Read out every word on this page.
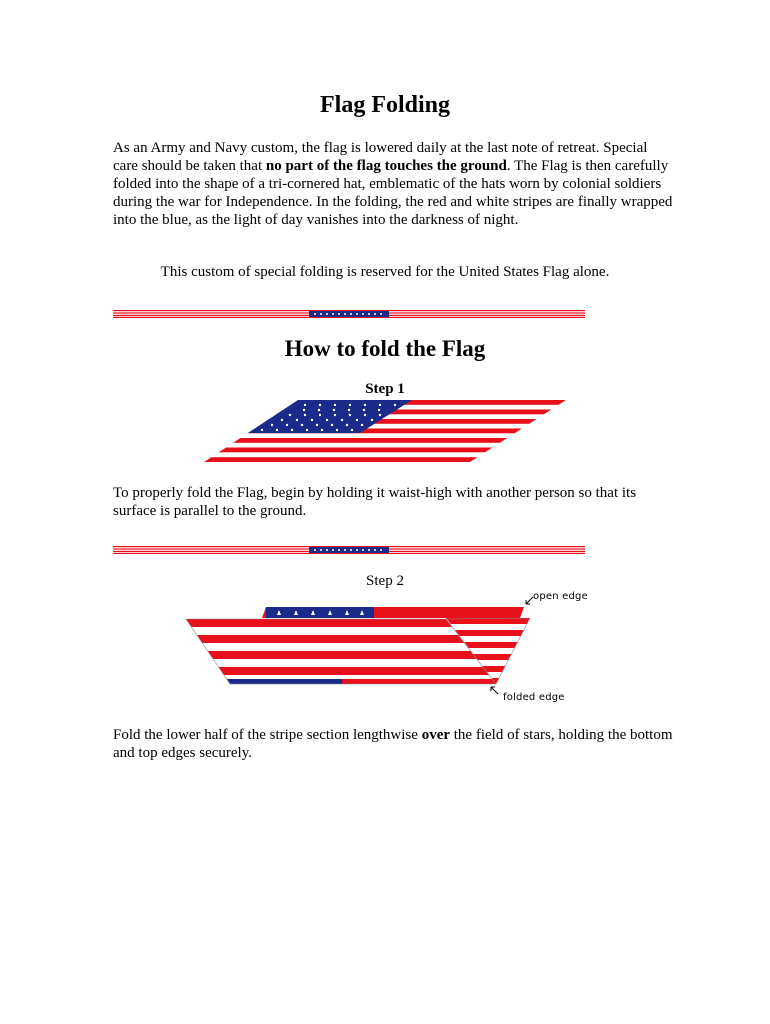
Flag Folding

As an Army and Navy custom, the flag is lowered daily at the last note of retreat. Special care should be taken that no part of the flag touches the ground. The Flag is then carefully folded into the shape of a tri-cornered hat, emblematic of the hats worn by colonial soldiers during the war for Independence. In the folding, the red and white stripes are finally wrapped into the blue, as the light of day vanishes into the darkness of night.

This custom of special folding is reserved for the United States Flag alone.

How to fold the Flag

Step 1

To properly fold the Flag, begin by holding it waist-high with another person so that its surface is parallel to the ground.

Step 2

open edge
folded edge

Fold the lower half of the stripe section lengthwise over the field of stars, holding the bottom and top edges securely.
